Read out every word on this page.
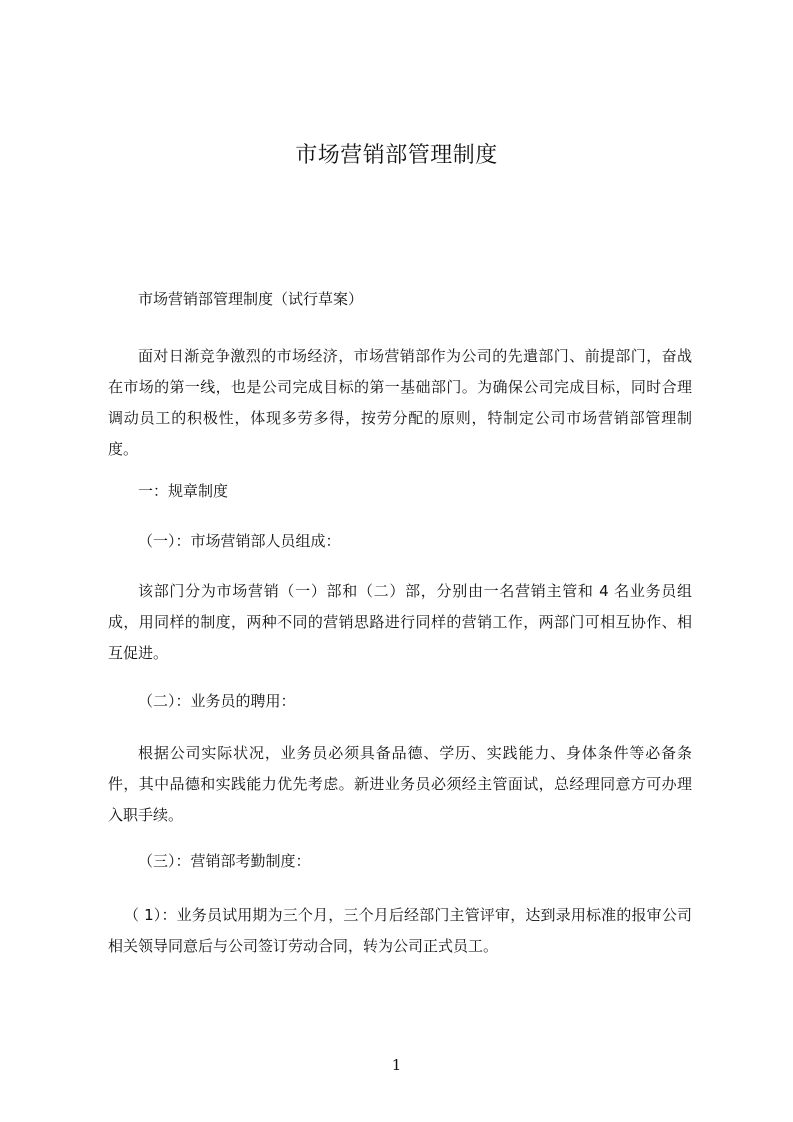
市场营销部管理制度

市场营销部管理制度（试行草案）

面对日渐竞争激烈的市场经济，市场营销部作为公司的先遣部门、前提部门，奋战在市场的第一线，也是公司完成目标的第一基础部门。为确保公司完成目标，同时合理调动员工的积极性，体现多劳多得，按劳分配的原则，特制定公司市场营销部管理制度。

一：规章制度

（一）：市场营销部人员组成：

该部门分为市场营销（一）部和（二）部，分别由一名营销主管和 4 名业务员组成，用同样的制度，两种不同的营销思路进行同样的营销工作，两部门可相互协作、相互促进。

（二）：业务员的聘用：

根据公司实际状况，业务员必须具备品德、学历、实践能力、身体条件等必备条件，其中品德和实践能力优先考虑。新进业务员必须经主管面试，总经理同意方可办理入职手续。

（三）：营销部考勤制度：

（ 1）：业务员试用期为三个月，三个月后经部门主管评审，达到录用标准的报审公司相关领导同意后与公司签订劳动合同，转为公司正式员工。

1
